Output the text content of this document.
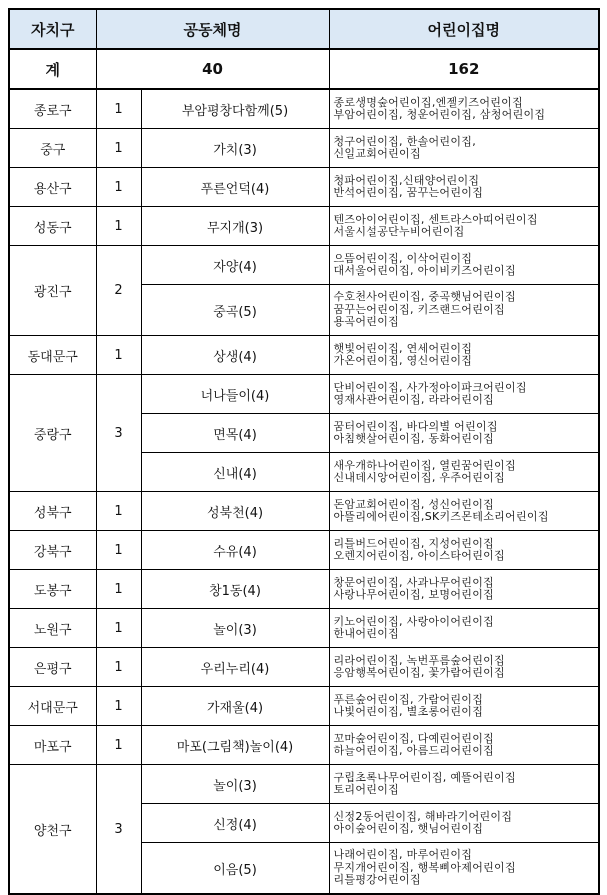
자치구	공동체명		어린이집명
계	40		162
종로구	1	부암평창다함께(5)	종로생명숲어린이집,엔젤키즈어린이집
부암어린이집, 청운어린이집, 삼청어린이집

중구	1	가치(3)	청구어린이집, 한솔어린이집,
신일교회어린이집

용산구	1	푸른언덕(4)	청파어린이집,신태양어린이집
반석어린이집, 꿈꾸는어린이집

성동구	1	무지개(3)	텐즈아이어린이집, 센트라스아띠어린이집
서울시설공단누비어린이집

광진구	2	자양(4)	으뜸어린이집, 이삭어린이집
대서울어린이집, 아이비키즈어린이집

		중곡(5)	수호천사어린이집, 중곡햇님어린이집
꿈꾸는어린이집, 키즈랜드어린이집
용곡어린이집

동대문구	1	상생(4)	햇빛어린이집, 연세어린이집
가온어린이집, 영신어린이집

중랑구	3	너나들이(4)	단비어린이집, 사가정아이파크어린이집
영재사관어린이집, 라라어린이집

		면목(4)	꿈터어린이집, 바다의별 어린이집
아침햇살어린이집, 동화어린이집

		신내(4)	새우개하나어린이집, 열린꿈어린이집
신내데시앙어린이집, 우주어린이집

성북구	1	성북천(4)	돈암교회어린이집, 성신어린이집
아뜰리에어린이집,SK키즈몬테소리어린이집

강북구	1	수유(4)	리틀버드어린이집, 지성어린이집
오렌지어린이집, 아이스타어린이집

도봉구	1	창1동(4)	창문어린이집, 사과나무어린이집
사랑나무어린이집, 보명어린이집

노원구	1	놀이(3)	키노어린이집, 사랑아이어린이집
한내어린이집

은평구	1	우리누리(4)	리라어린이집, 녹번푸름숲어린이집
응암행복어린이집, 꽃가람어린이집

서대문구	1	가재울(4)	푸른숲어린이집, 가람어린이집
나빛어린이집, 별초롱어린이집

마포구	1	마포(그림책)놀이(4)	꼬마숲어린이집, 다예린어린이집
하늘어린이집, 아름드리어린이집

양천구	3	놀이(3)	구립초록나무어린이집, 예뜰어린이집
토리어린이집

		신정(4)	신정2동어린이집, 해바라기어린이집
아이숲어린이집, 햇님어린이집

		이음(5)	나래어린이집, 마루어린이집
무지개어린이집, 행복삐아제어린이집
리틀평강어린이집
